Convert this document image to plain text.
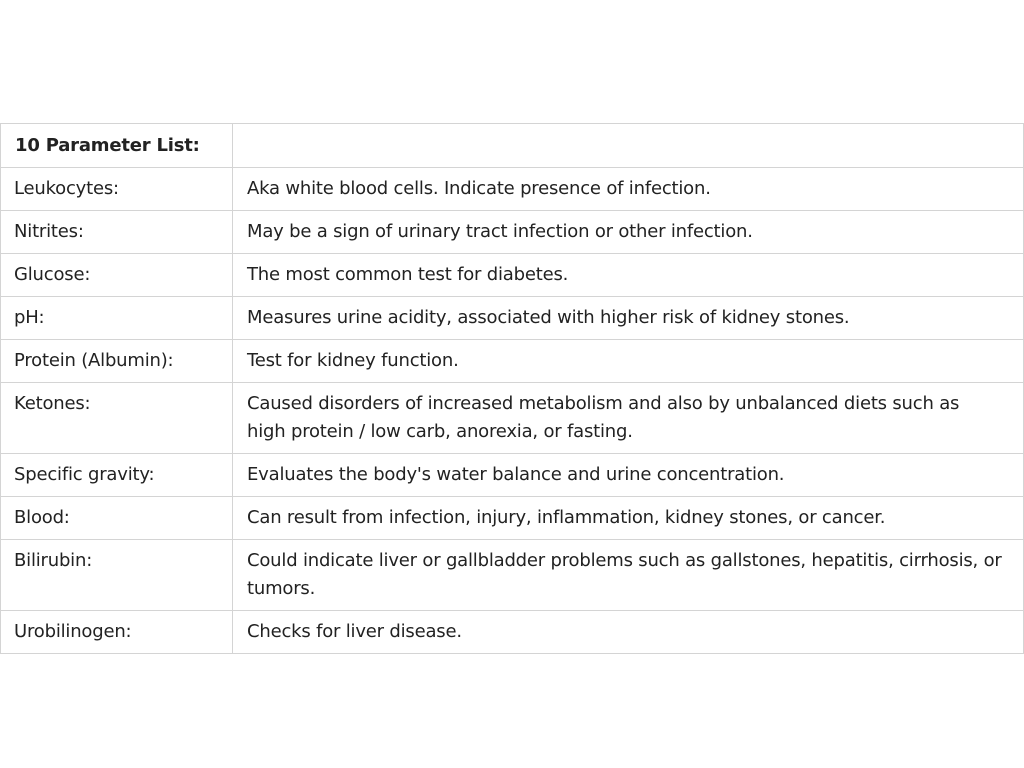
10 Parameter List:	
Leukocytes:	Aka white blood cells. Indicate presence of infection.
Nitrites:	May be a sign of urinary tract infection or other infection.
Glucose:	The most common test for diabetes.
pH:	Measures urine acidity, associated with higher risk of kidney stones.
Protein (Albumin):	Test for kidney function.
Ketones:	Caused disorders of increased metabolism and also by unbalanced diets such as high protein / low carb, anorexia, or fasting.
Specific gravity:	Evaluates the body's water balance and urine concentration.
Blood:	Can result from infection, injury, inflammation, kidney stones, or cancer.
Bilirubin:	Could indicate liver or gallbladder problems such as gallstones, hepatitis, cirrhosis, or tumors.
Urobilinogen:	Checks for liver disease.
